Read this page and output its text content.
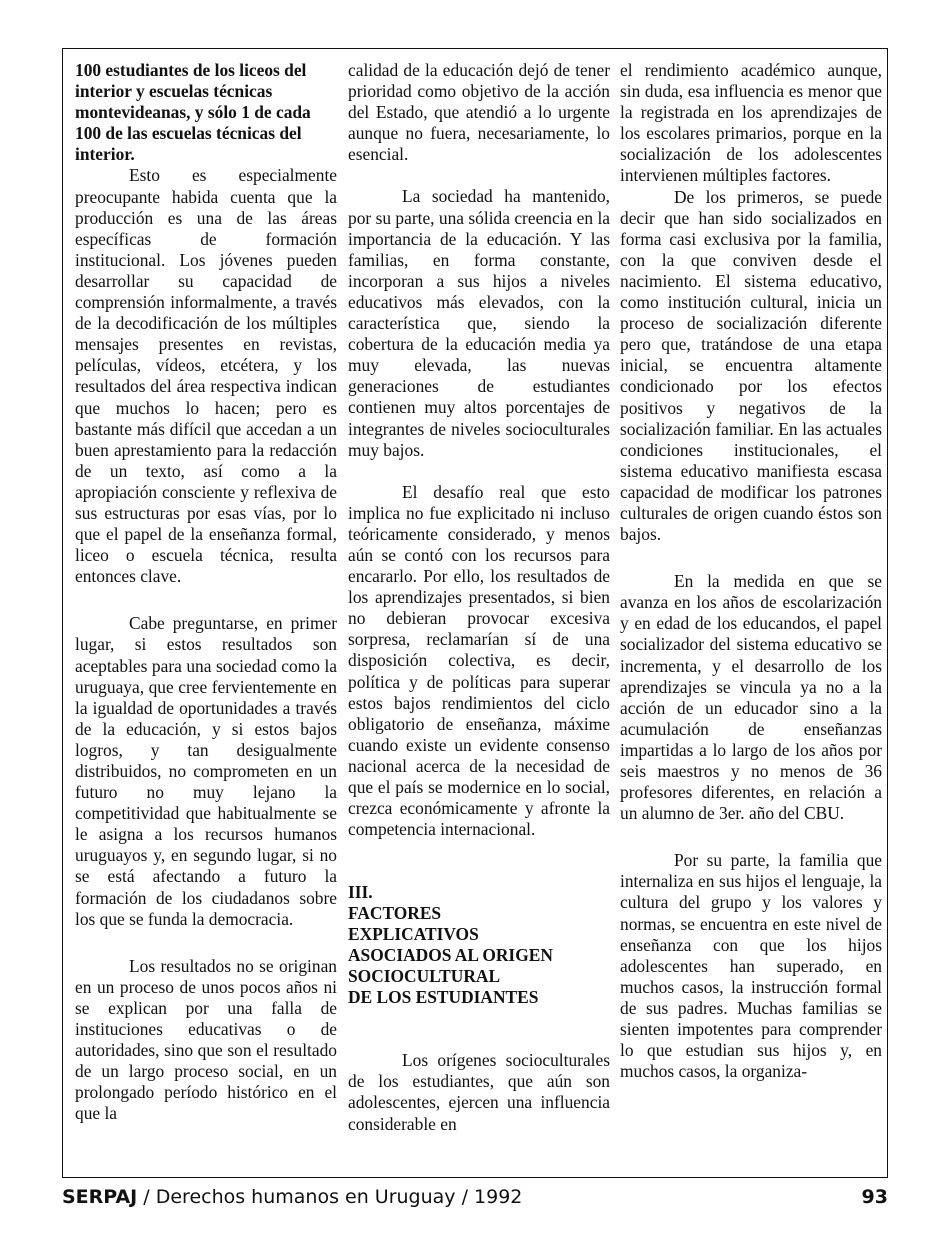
100 estudiantes de los liceos del interior y escuelas técnicas montevideanas, y sólo 1 de cada 100 de las escuelas técnicas del interior.

Esto es especialmente preocupante habida cuenta que la producción es una de las áreas específicas de formación institucional. Los jóvenes pueden desarrollar su capacidad de comprensión informalmente, a través de la decodificación de los múltiples mensajes presentes en revistas, películas, vídeos, etcétera, y los resultados del área respectiva indican que muchos lo hacen; pero es bastante más difícil que accedan a un buen aprestamiento para la redacción de un texto, así como a la apropiación consciente y reflexiva de sus estructuras por esas vías, por lo que el papel de la enseñanza formal, liceo o escuela técnica, resulta entonces clave.

Cabe preguntarse, en primer lugar, si estos resultados son aceptables para una sociedad como la uruguaya, que cree fervientemente en la igualdad de oportunidades a través de la educación, y si estos bajos logros, y tan desigualmente distribuidos, no comprometen en un futuro no muy lejano la competitividad que habitualmente se le asigna a los recursos humanos uruguayos y, en segundo lugar, si no se está afectando a futuro la formación de los ciudadanos sobre los que se funda la democracia.

Los resultados no se originan en un proceso de unos pocos años ni se explican por una falla de instituciones educativas o de autoridades, sino que son el resultado de un largo proceso social, en un prolongado período histórico en el que la

calidad de la educación dejó de tener prioridad como objetivo de la acción del Estado, que atendió a lo urgente aunque no fuera, necesariamente, lo esencial.

La sociedad ha mantenido, por su parte, una sólida creencia en la importancia de la educación. Y las familias, en forma constante, incorporan a sus hijos a niveles educativos más elevados, con la característica que, siendo la cobertura de la educación media ya muy elevada, las nuevas generaciones de estudiantes contienen muy altos porcentajes de integrantes de niveles socioculturales muy bajos.

El desafío real que esto implica no fue explicitado ni incluso teóricamente considerado, y menos aún se contó con los recursos para encararlo. Por ello, los resultados de los aprendizajes presentados, si bien no debieran provocar excesiva sorpresa, reclamarían sí de una disposición colectiva, es decir, política y de políticas para superar estos bajos rendimientos del ciclo obligatorio de enseñanza, máxime cuando existe un evidente consenso nacional acerca de la necesidad de que el país se modernice en lo social, crezca económicamente y afronte la competencia internacional.

III.
FACTORES
EXPLICATIVOS
ASOCIADOS AL ORIGEN
SOCIOCULTURAL
DE LOS ESTUDIANTES

Los orígenes socioculturales de los estudiantes, que aún son adolescentes, ejercen una influencia considerable en

el rendimiento académico aunque, sin duda, esa influencia es menor que la registrada en los aprendizajes de los escolares primarios, porque en la socialización de los adolescentes intervienen múltiples factores.

De los primeros, se puede decir que han sido socializados en forma casi exclusiva por la familia, con la que conviven desde el nacimiento. El sistema educativo, como institución cultural, inicia un proceso de socialización diferente pero que, tratándose de una etapa inicial, se encuentra altamente condicionado por los efectos positivos y negativos de la socialización familiar. En las actuales condiciones institucionales, el sistema educativo manifiesta escasa capacidad de modificar los patrones culturales de origen cuando éstos son bajos.

En la medida en que se avanza en los años de escolarización y en edad de los educandos, el papel socializador del sistema educativo se incrementa, y el desarrollo de los aprendizajes se vincula ya no a la acción de un educador sino a la acumulación de enseñanzas impartidas a lo largo de los años por seis maestros y no menos de 36 profesores diferentes, en relación a un alumno de 3er. año del CBU.

Por su parte, la familia que internaliza en sus hijos el lenguaje, la cultura del grupo y los valores y normas, se encuentra en este nivel de enseñanza con que los hijos adolescentes han superado, en muchos casos, la instrucción formal de sus padres. Muchas familias se sienten impotentes para comprender lo que estudian sus hijos y, en muchos casos, la organiza-

SERPAJ / Derechos humanos en Uruguay / 1992	93
